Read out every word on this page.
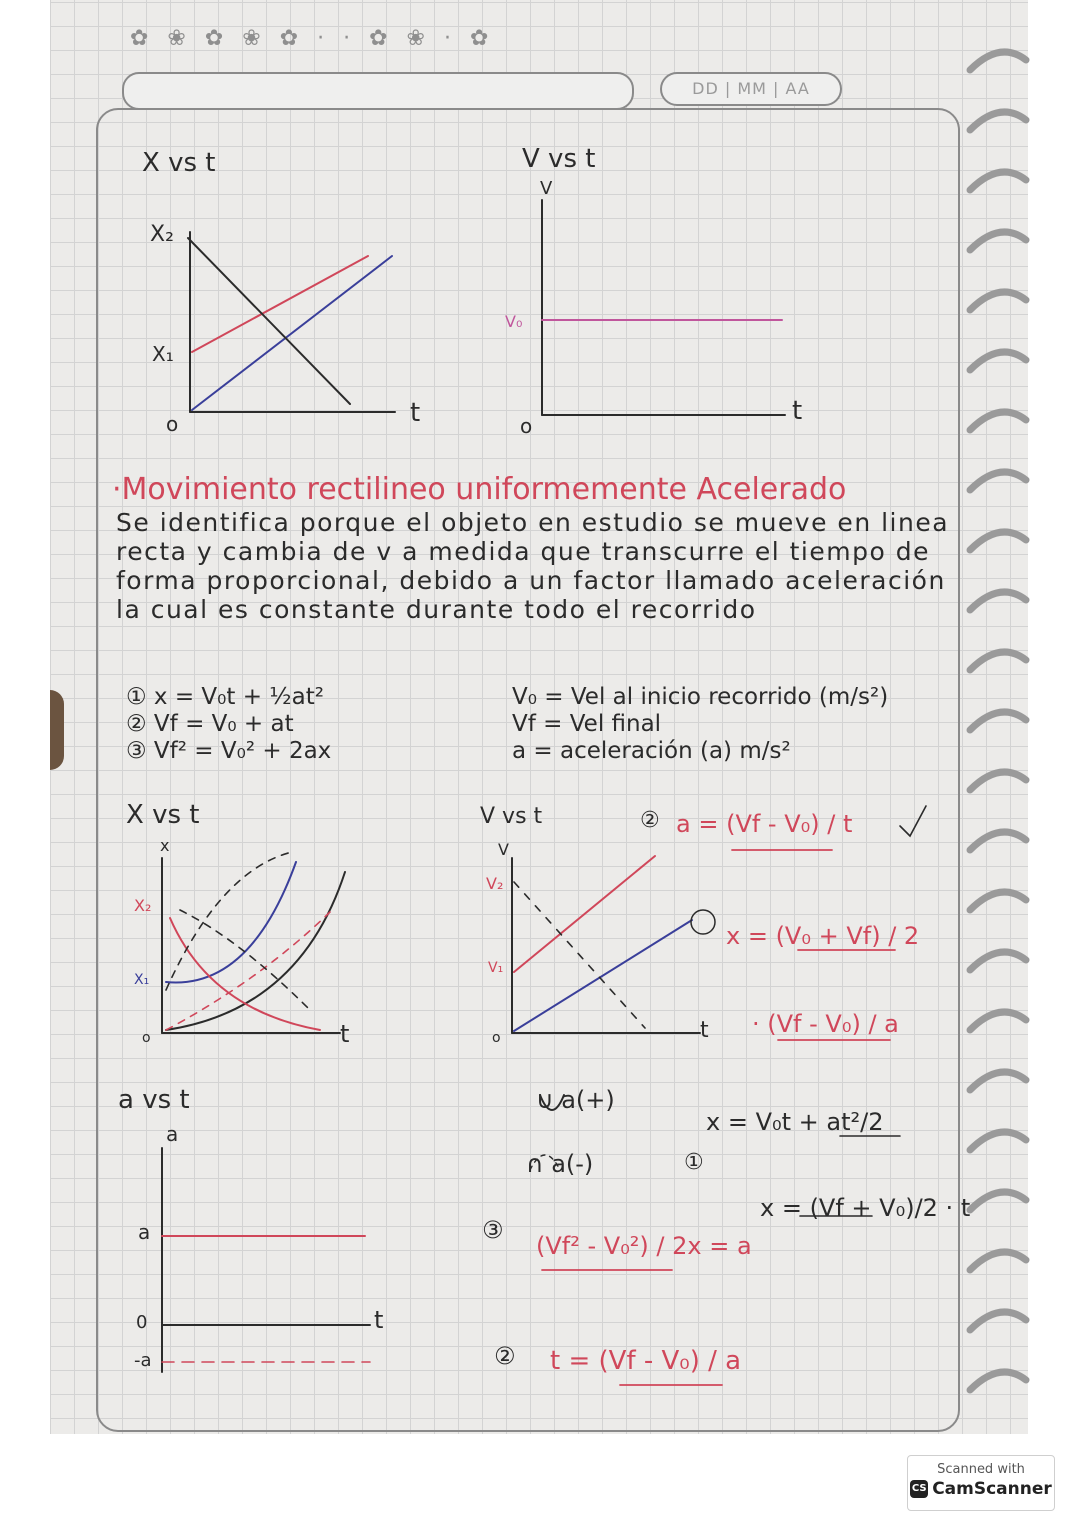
✿ ❀ ✿ ❀ ✿ · · ✿ ❀ · ✿
DD | MM | AA
X vs t
X₂
X₁
o	t
V vs t
V
V₀
o	t
·Movimiento rectilineo uniformemente Acelerado
Se identifica porque el objeto en estudio se mueve en linea recta y cambia de v a medida que transcurre el tiempo de forma proporcional, debido a un factor llamado aceleración la cual es constante durante todo el recorrido
① x = V₀t + ½at²
② Vf = V₀ + at
③ Vf² = V₀² + 2ax
V₀ = Vel al inicio recorrido (m/s²)
Vf = Vel final
a = aceleración (a) m/s²
X vs t
x
X₂
X₁
o	t
V vs t
V
V₂
V₁
o	t
a vs t
a
a
0
-a
t
② a = (Vf - V₀) / t
x = (V₀ + Vf) / 2
· (Vf - V₀) / a
∪ a(+)
∩ a(-)	①
x = V₀t + at²/2
x = (Vf + V₀)/2 · t
③
(Vf² - V₀²) / 2x = a
② t = (Vf - V₀) / a
Scanned with
CS CamScanner
